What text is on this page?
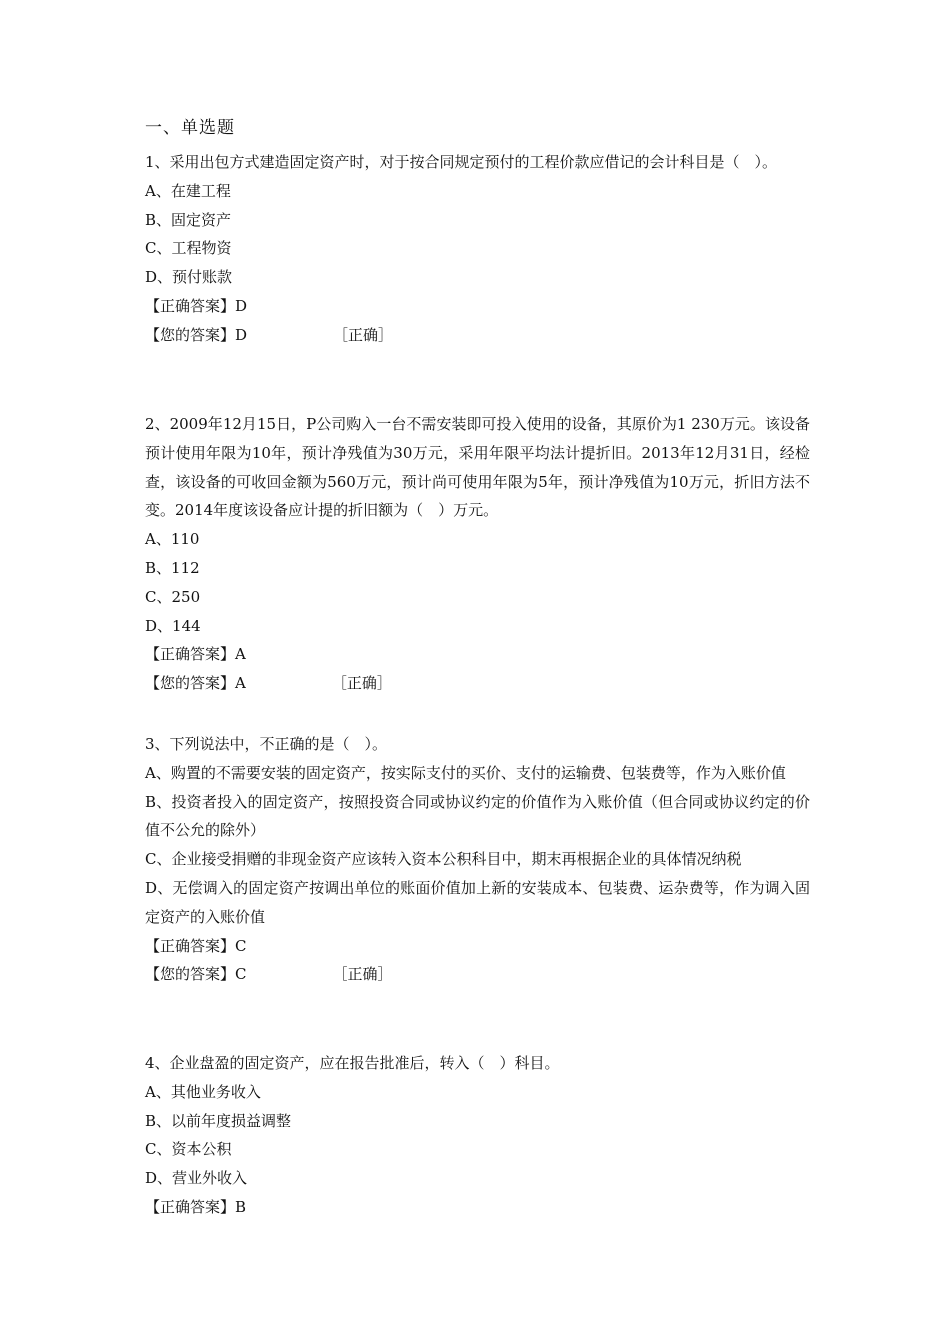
一、单选题

1、采用出包方式建造固定资产时，对于按合同规定预付的工程价款应借记的会计科目是（　）。

A、在建工程

B、固定资产

C、工程物资

D、预付账款

【正确答案】D

【您的答案】D	［正确］

2、2009年12月15日，P公司购入一台不需安装即可投入使用的设备，其原价为1 230万元。该设备预计使用年限为10年，预计净残值为30万元，采用年限平均法计提折旧。2013年12月31日，经检查，该设备的可收回金额为560万元，预计尚可使用年限为5年，预计净残值为10万元，折旧方法不变。2014年度该设备应计提的折旧额为（　）万元。

A、110

B、112

C、250

D、144

【正确答案】A

【您的答案】A	［正确］

3、下列说法中，不正确的是（　）。

A、购置的不需要安装的固定资产，按实际支付的买价、支付的运输费、包装费等，作为入账价值

B、投资者投入的固定资产，按照投资合同或协议约定的价值作为入账价值（但合同或协议约定的价值不公允的除外）

C、企业接受捐赠的非现金资产应该转入资本公积科目中，期末再根据企业的具体情况纳税

D、无偿调入的固定资产按调出单位的账面价值加上新的安装成本、包装费、运杂费等，作为调入固定资产的入账价值

【正确答案】C

【您的答案】C	［正确］

4、企业盘盈的固定资产，应在报告批准后，转入（　）科目。

A、其他业务收入

B、以前年度损益调整

C、资本公积

D、营业外收入

【正确答案】B
